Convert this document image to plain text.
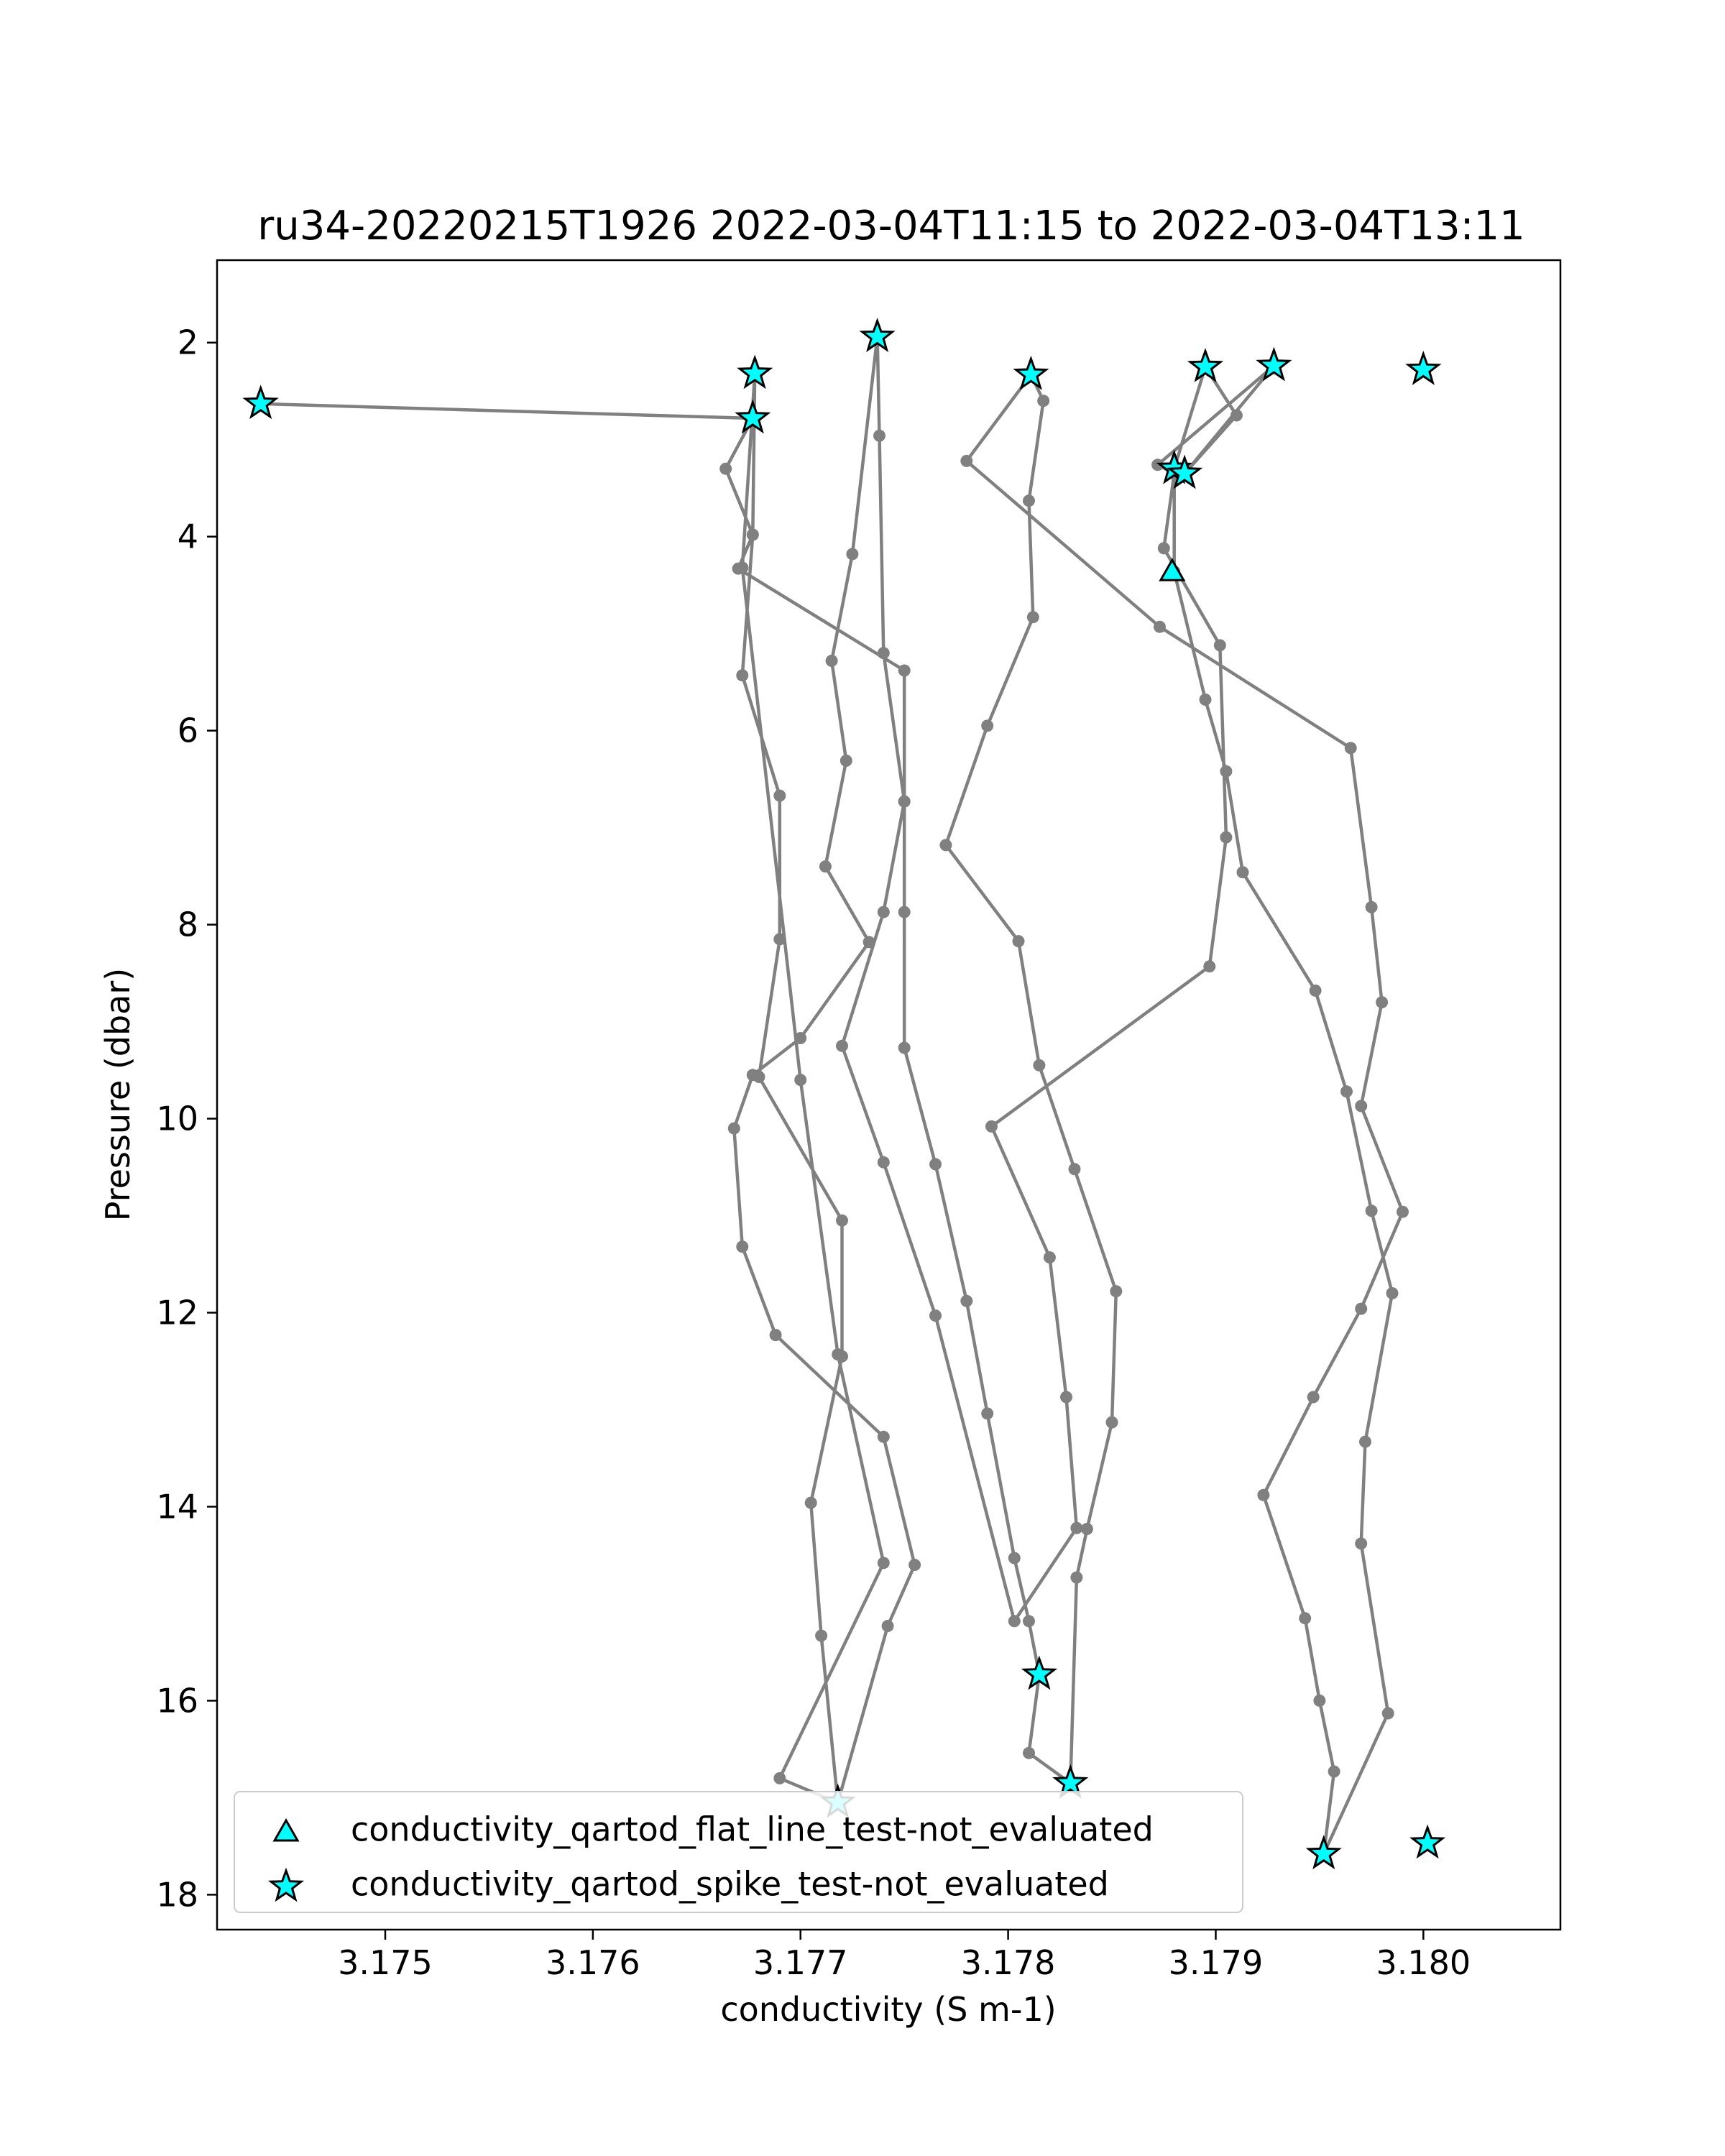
ru34-20220215T1926 2022-03-04T11:15 to 2022-03-04T13:11
3.175	3.176	3.177	3.178	3.179	3.180
2
4
6
8
10
12
14
16
18
conductivity (S m-1)
Pressure (dbar)
conductivity_qartod_flat_line_test-not_evaluated
conductivity_qartod_spike_test-not_evaluated
